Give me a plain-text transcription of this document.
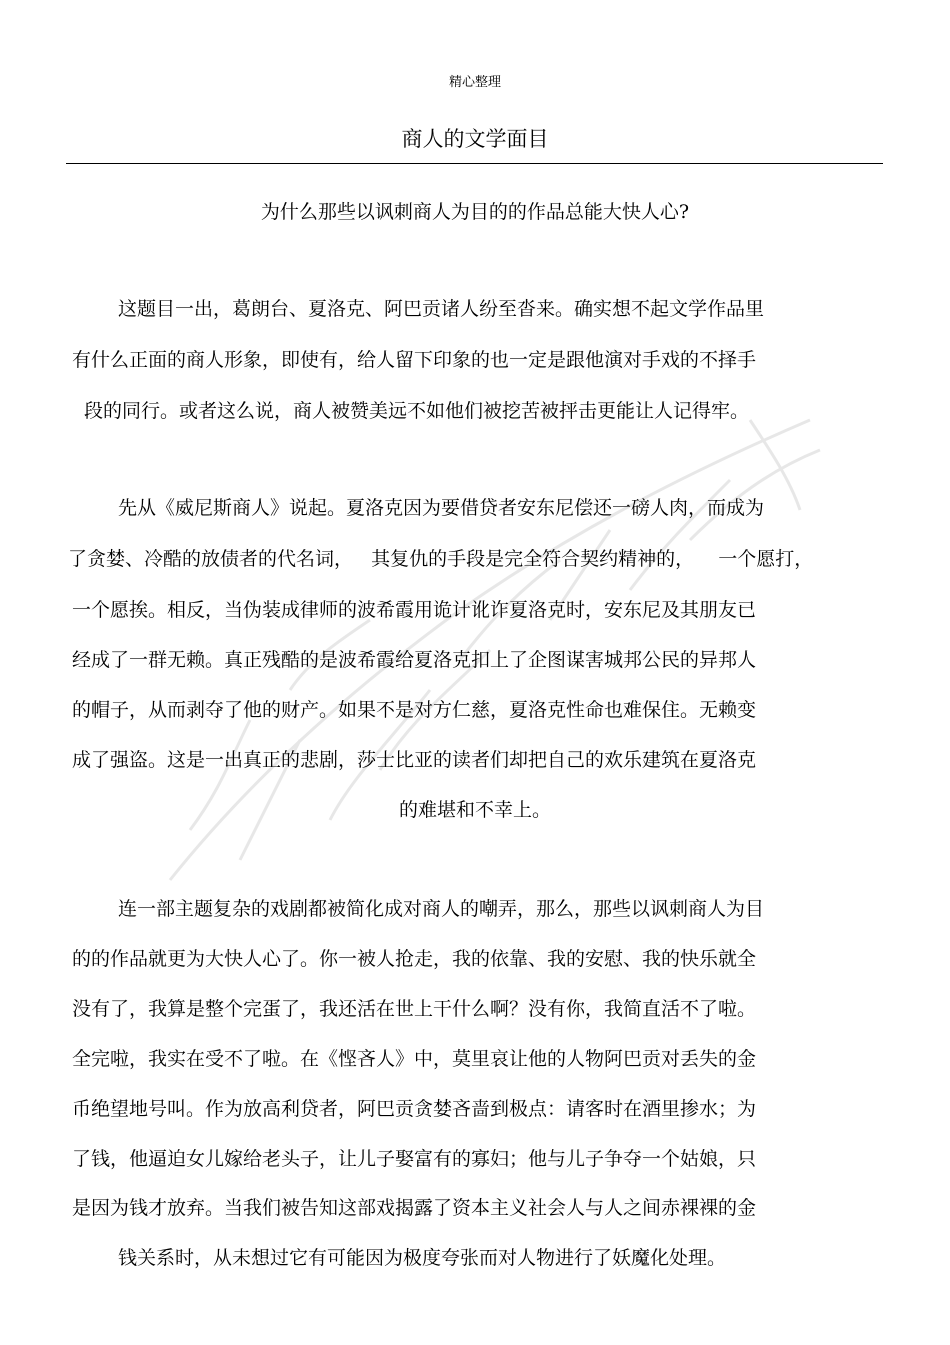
精心整理
商人的文学面目
为什么那些以讽刺商人为目的的作品总能大快人心?
这题目一出，葛朗台、夏洛克、阿巴贡诸人纷至沓来。确实想不起文学作品里
有什么正面的商人形象，即使有，给人留下印象的也一定是跟他演对手戏的不择手
段的同行。或者这么说，商人被赞美远不如他们被挖苦被抨击更能让人记得牢。
先从《威尼斯商人》说起。夏洛克因为要借贷者安东尼偿还一磅人肉，而成为
了贪婪、冷酷的放债者的代名词，   其复仇的手段是完全符合契约精神的，    一个愿打，
一个愿挨。相反，当伪装成律师的波希霞用诡计讹诈夏洛克时，安东尼及其朋友已
经成了一群无赖。真正残酷的是波希霞给夏洛克扣上了企图谋害城邦公民的异邦人
的帽子，从而剥夺了他的财产。如果不是对方仁慈，夏洛克性命也难保住。无赖变
成了强盗。这是一出真正的悲剧，莎士比亚的读者们却把自己的欢乐建筑在夏洛克
的难堪和不幸上。
连一部主题复杂的戏剧都被简化成对商人的嘲弄，那么，那些以讽刺商人为目
的的作品就更为大快人心了。你一被人抢走，我的依靠、我的安慰、我的快乐就全
没有了，我算是整个完蛋了，我还活在世上干什么啊？没有你，我简直活不了啦。
全完啦，我实在受不了啦。在《悭吝人》中，莫里哀让他的人物阿巴贡对丢失的金
币绝望地号叫。作为放高利贷者，阿巴贡贪婪吝啬到极点：请客时在酒里掺水；为
了钱，他逼迫女儿嫁给老头子，让儿子娶富有的寡妇；他与儿子争夺一个姑娘，只
是因为钱才放弃。当我们被告知这部戏揭露了资本主义社会人与人之间赤裸裸的金
钱关系时，从未想过它有可能因为极度夸张而对人物进行了妖魔化处理。
